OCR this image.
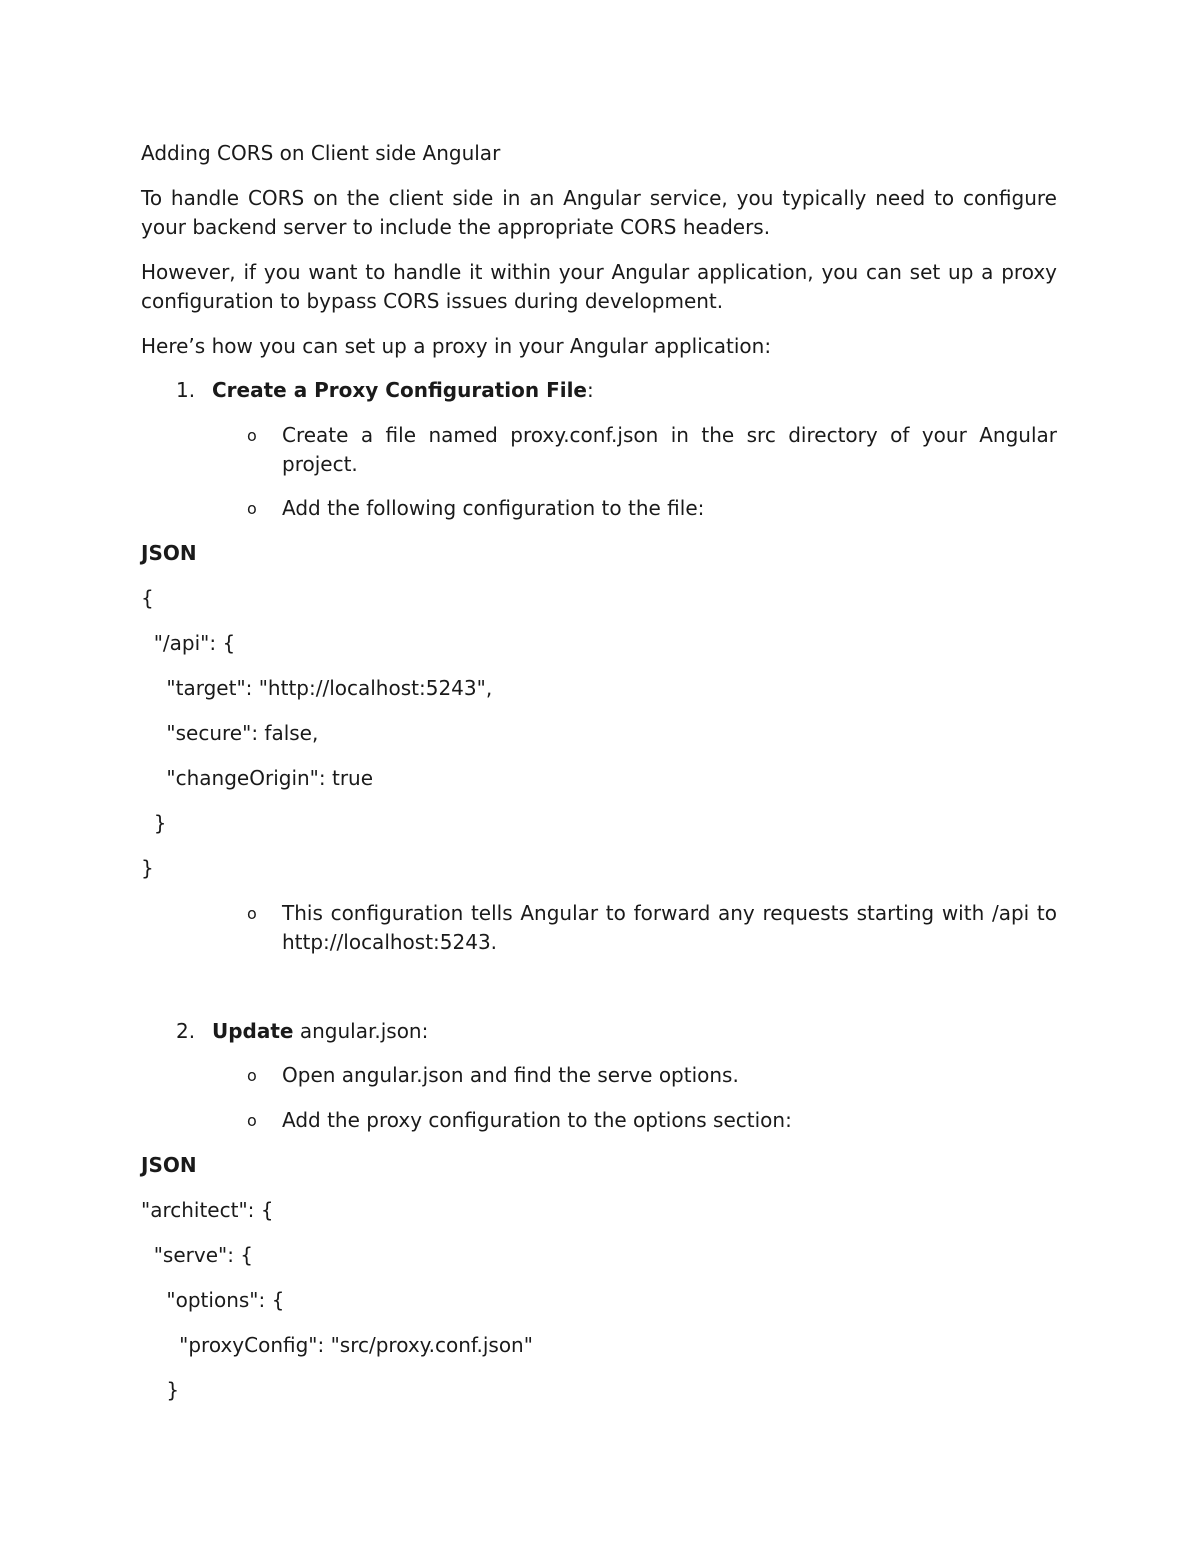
Adding CORS on Client side Angular

To handle CORS on the client side in an Angular service, you typically need to configure your backend server to include the appropriate CORS headers.

However, if you want to handle it within your Angular application, you can set up a proxy configuration to bypass CORS issues during development.

Here’s how you can set up a proxy in your Angular application:

1. Create a Proxy Configuration File:

o	Create a file named proxy.conf.json in the src directory of your Angular project.

o	Add the following configuration to the file:

JSON

{

"/api": {

"target": "http://localhost:5243",

"secure": false,

"changeOrigin": true

}

}

o	This configuration tells Angular to forward any requests starting with /api to http://localhost:5243.

2. Update angular.json:

o	Open angular.json and find the serve options.

o	Add the proxy configuration to the options section:

JSON

"architect": {

"serve": {

"options": {

"proxyConfig": "src/proxy.conf.json"

}
